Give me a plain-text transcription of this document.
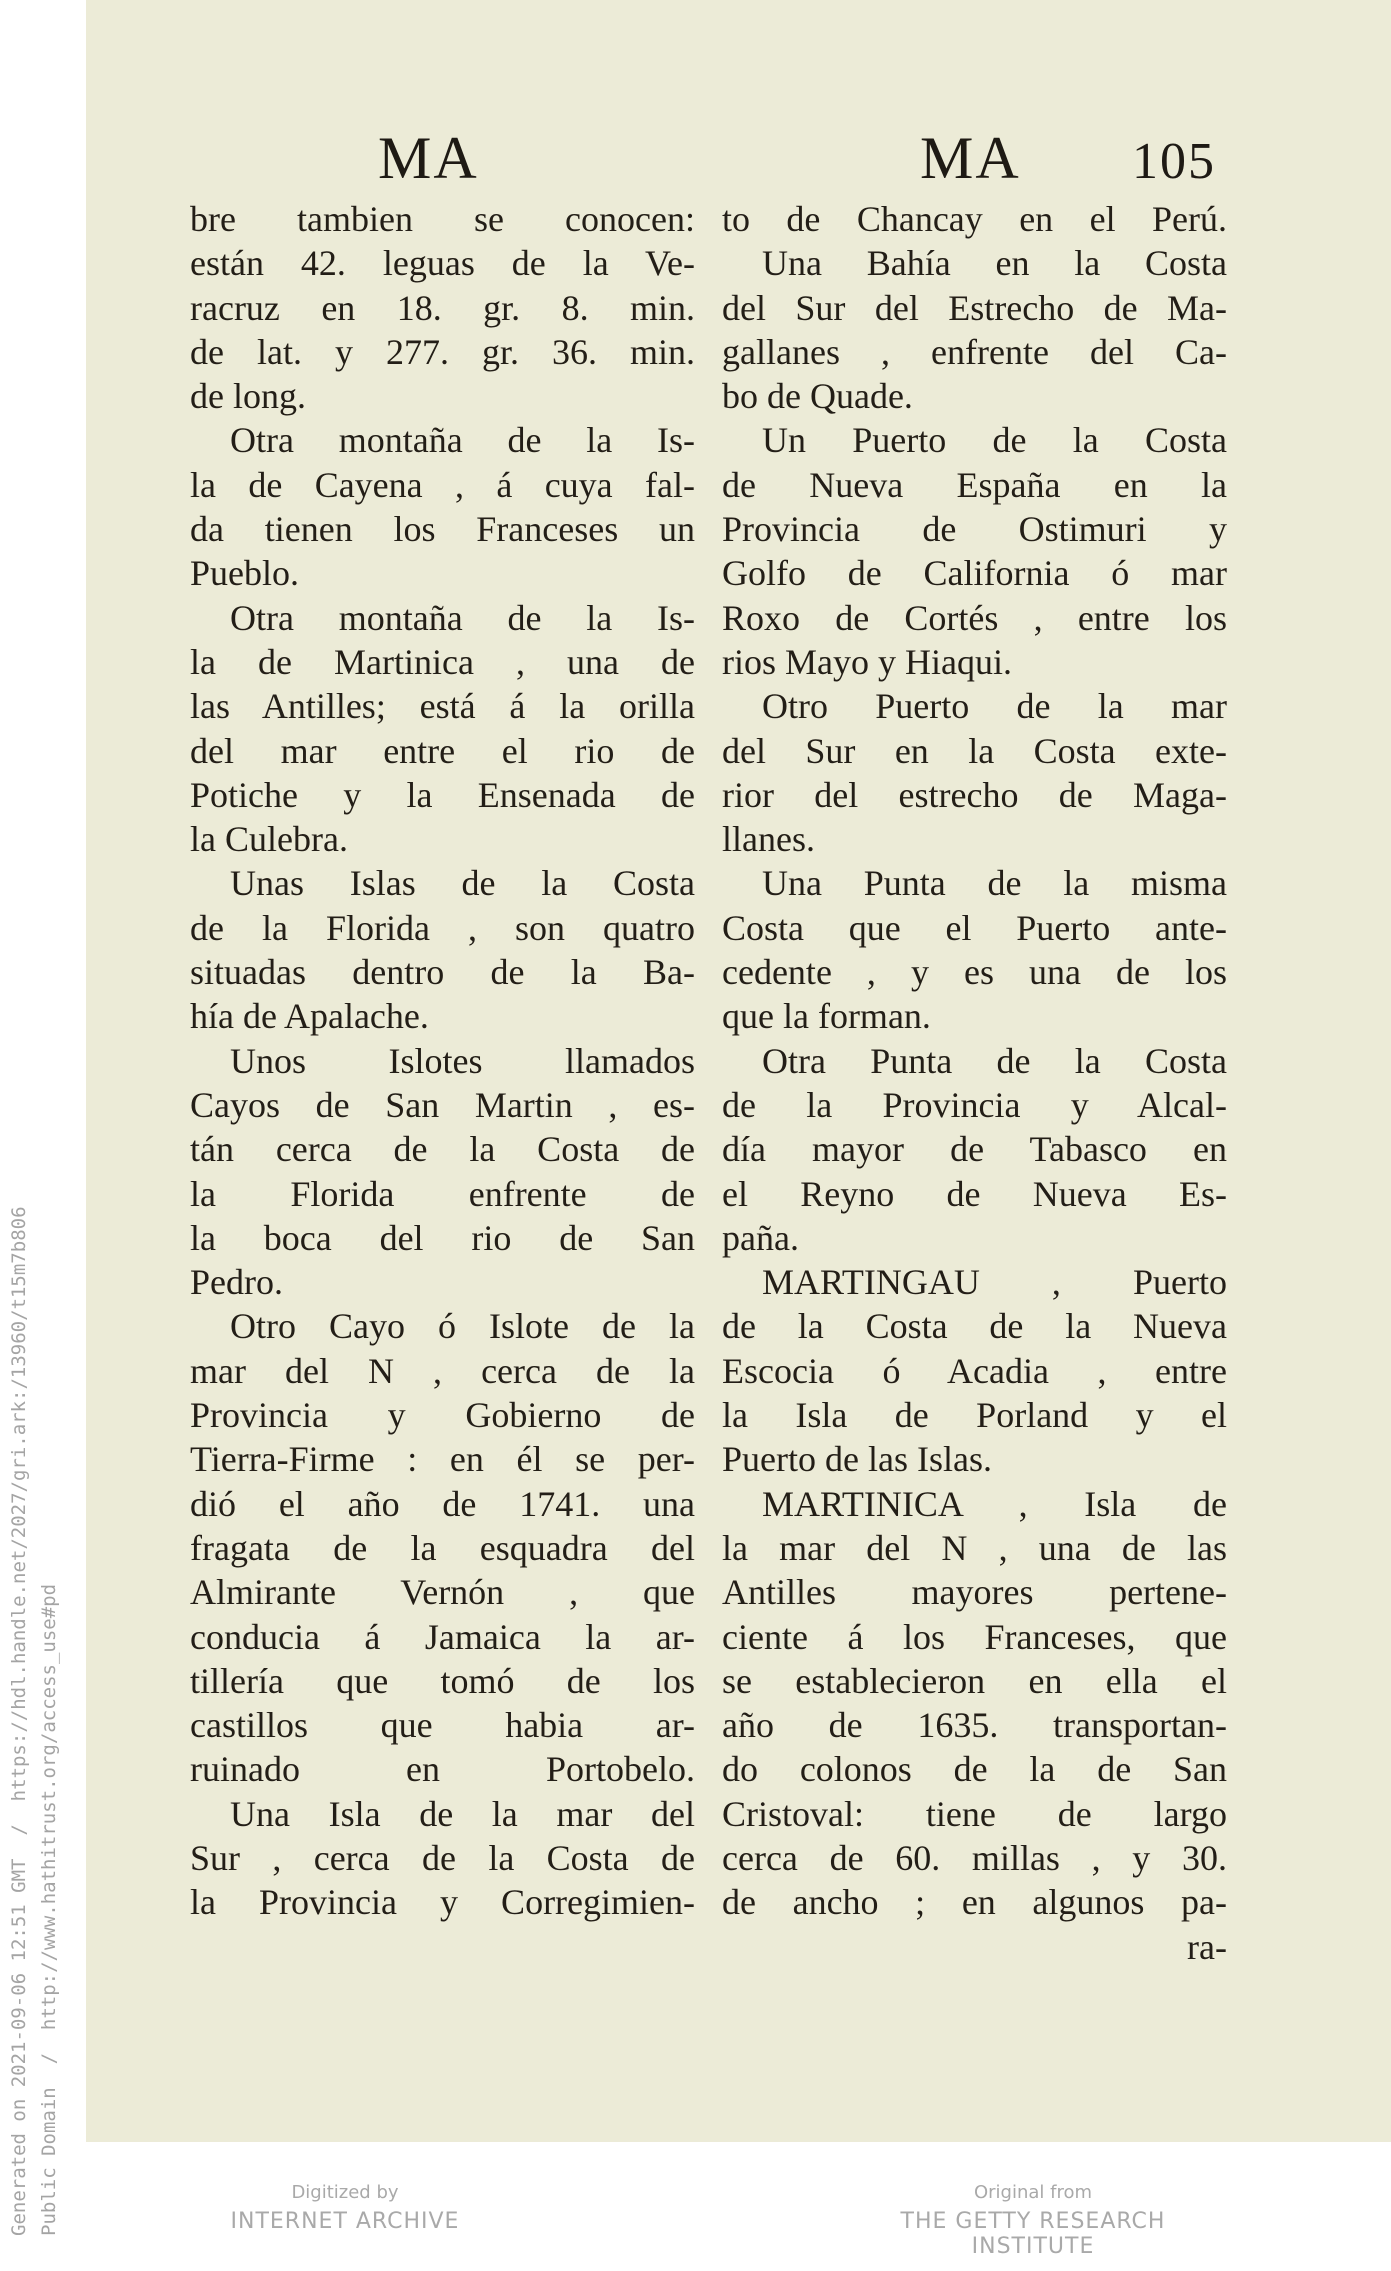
Generated on 2021-09-06 12:51 GMT  /  https://hdl.handle.net/2027/gri.ark:/13960/t15m7b806 Public Domain  /  http://www.hathitrust.org/access_use#pd
MA	MA 105
bre tambien se conocen:
están 42. leguas de la Ve-
racruz en 18. gr. 8. min.
de lat. y 277. gr. 36. min.
de long.
Otra montaña de la Is-
la de Cayena , á cuya fal-
da tienen los Franceses un
Pueblo.
Otra montaña de la Is-
la de Martinica , una de
las Antilles; está á la orilla
del mar entre el rio de
Potiche y la Ensenada de
la Culebra.
Unas Islas de la Costa
de la Florida , son quatro
situadas dentro de la Ba-
hía de Apalache.
Unos Islotes llamados
Cayos de San Martin , es-
tán cerca de la Costa de
la Florida enfrente de
la boca del rio de San
Pedro.
Otro Cayo ó Islote de la
mar del N , cerca de la
Provincia y Gobierno de
Tierra-Firme : en él se per-
dió el año de 1741. una
fragata de la esquadra del
Almirante Vernón , que
conducia á Jamaica la ar-
tillería que tomó de los
castillos que habia ar-
ruinado en Portobelo.
Una Isla de la mar del
Sur , cerca de la Costa de
la Provincia y Corregimien-
to de Chancay en el Perú.
Una Bahía en la Costa
del Sur del Estrecho de Ma-
gallanes , enfrente del Ca-
bo de Quade.
Un Puerto de la Costa
de Nueva España en la
Provincia de Ostimuri y
Golfo de California ó mar
Roxo de Cortés , entre los
rios Mayo y Hiaqui.
Otro Puerto de la mar
del Sur en la Costa exte-
rior del estrecho de Maga-
llanes.
Una Punta de la misma
Costa que el Puerto ante-
cedente , y es una de los
que la forman.
Otra Punta de la Costa
de la Provincia y Alcal-
día mayor de Tabasco en
el Reyno de Nueva Es-
paña.
MARTINGAU , Puerto
de la Costa de la Nueva
Escocia ó Acadia , entre
la Isla de Porland y el
Puerto de las Islas.
MARTINICA , Isla de
la mar del N , una de las
Antilles mayores pertene-
ciente á los Franceses, que
se establecieron en ella el
año de 1635. transportan-
do colonos de la de San
Cristoval: tiene de largo
cerca de 60. millas , y 30.
de ancho ; en algunos pa-
ra-
Digitized by
INTERNET ARCHIVE
Original from
THE GETTY RESEARCH INSTITUTE
